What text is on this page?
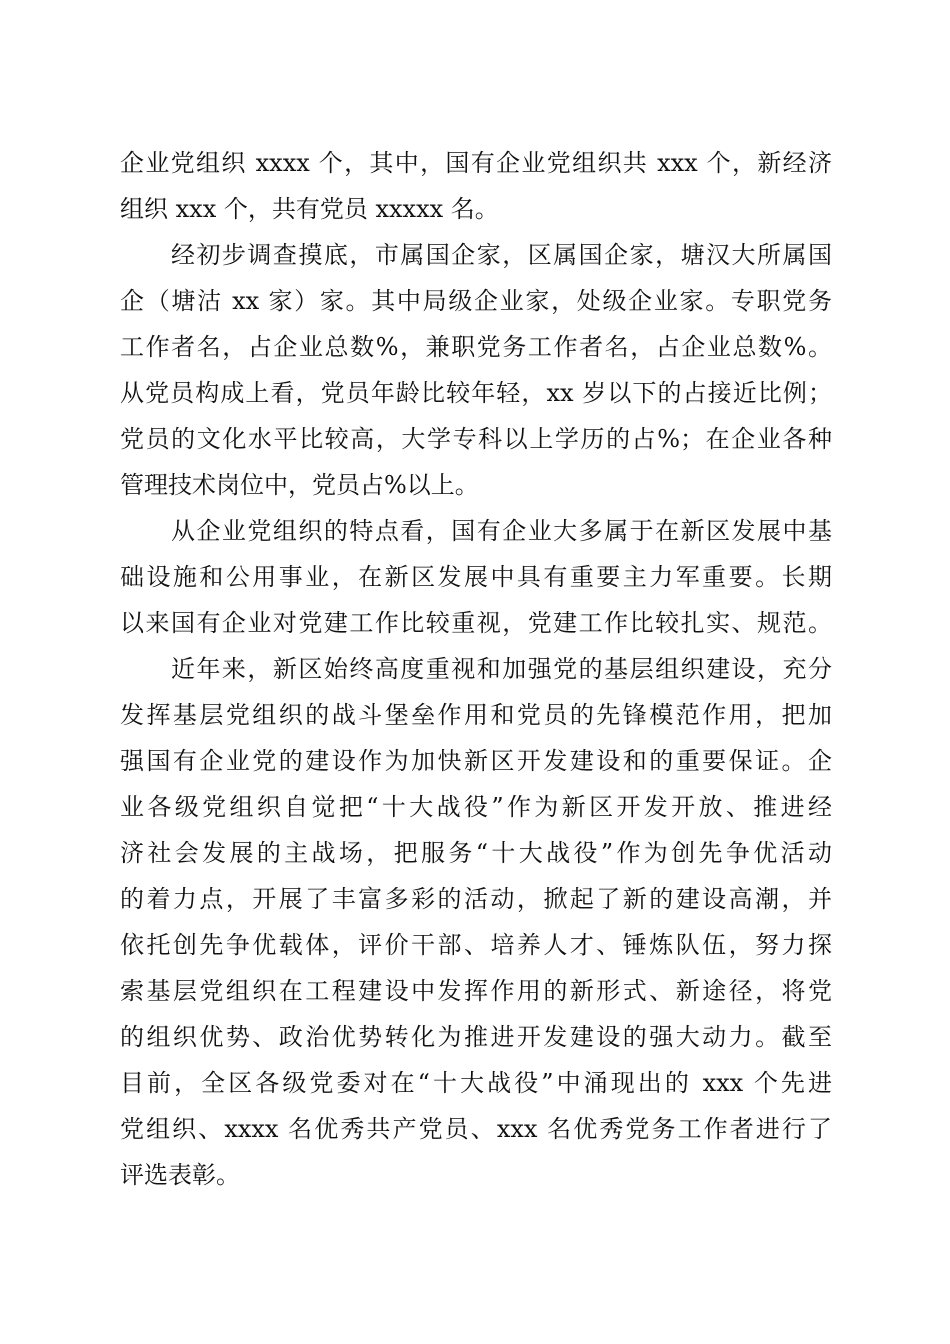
企业党组织 xxxx 个，其中，国有企业党组织共 xxx 个，新经济
组织 xxx 个，共有党员 xxxxx 名。
　　经初步调查摸底，市属国企家，区属国企家，塘汉大所属国
企（塘沽 xx 家）家。其中局级企业家，处级企业家。专职党务
工作者名，占企业总数%，兼职党务工作者名，占企业总数%。
从党员构成上看，党员年龄比较年轻，xx 岁以下的占接近比例；
党员的文化水平比较高，大学专科以上学历的占%；在企业各种
管理技术岗位中，党员占%以上。
　　从企业党组织的特点看，国有企业大多属于在新区发展中基
础设施和公用事业，在新区发展中具有重要主力军重要。长期
以来国有企业对党建工作比较重视，党建工作比较扎实、规范。
　　近年来，新区始终高度重视和加强党的基层组织建设，充分
发挥基层党组织的战斗堡垒作用和党员的先锋模范作用，把加
强国有企业党的建设作为加快新区开发建设和的重要保证。企
业各级党组织自觉把“十大战役”作为新区开发开放、推进经
济社会发展的主战场，把服务“十大战役”作为创先争优活动
的着力点，开展了丰富多彩的活动，掀起了新的建设高潮，并
依托创先争优载体，评价干部、培养人才、锤炼队伍，努力探
索基层党组织在工程建设中发挥作用的新形式、新途径，将党
的组织优势、政治优势转化为推进开发建设的强大动力。截至
目前，全区各级党委对在“十大战役”中涌现出的 xxx 个先进
党组织、xxxx 名优秀共产党员、xxx 名优秀党务工作者进行了
评选表彰。
